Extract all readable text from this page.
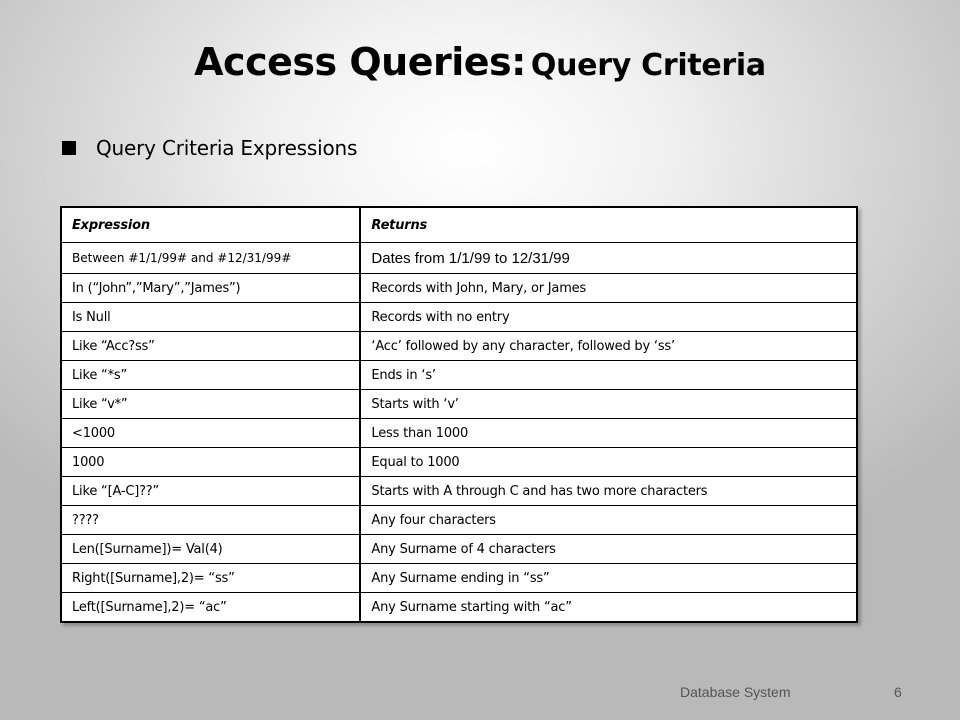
Access Queries: Query Criteria
Query Criteria Expressions
Expression	Returns
Between #1/1/99# and #12/31/99#	Dates from 1/1/99 to 12/31/99
In (“John”,”Mary”,”James”)	Records with John, Mary, or James
Is Null	Records with no entry
Like “Acc?ss”	‘Acc’ followed by any character, followed by ‘ss’
Like “*s”	Ends in ‘s’
Like “v*”	Starts with ‘v’
<1000	Less than 1000
1000	Equal to 1000
Like “[A-C]??”	Starts with A through C and has two more characters
????	Any four characters
Len([Surname])= Val(4)	Any Surname of 4 characters
Right([Surname],2)= “ss”	Any Surname ending in “ss”
Left([Surname],2)= “ac”	Any Surname starting with “ac”
Database System	6
